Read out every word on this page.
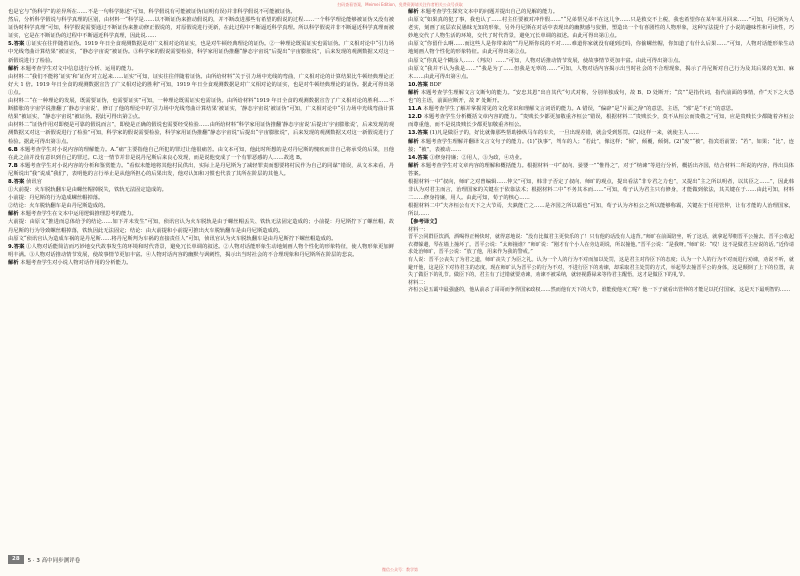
扫码查看答案，Meimei Edition，免费资源请关注作者相关公众号获取

也是它与“伪科学”的差异所在……不是一句科学陈述”可知，科学假说有可能被证伪(证明有误)并非科学假说不可能被证伪。

然后，分析科学假说与科学真理的区别，由材料一“科学是……以不断证伪来推动假说的，并不断改进那些有希望的假说的过程……一个科学理论能够被证伪又没有被证伪时科学真理”可知，科学假说需要通过不断证伪来推动修正假说的，对原假说进行更新，在此过程中不断逼近科学真理。所以科学假说并非不断逼近科学真理而被证实，它是在不断证伪的过程中不断逼近科学真理，因此说……

5.答案 ①证实在往伴随着证伪。1919 年日全食观测数据是对广义相对论的证实，也是对牛顿经典理论的证伪。②一种理论既需证实也需证伪。广义相对论中“引力场中光线弯曲计算结果”被证实，“静态宇宙说”被证伪。③科学家的假说需要检验，科学家用证伪推翻“静态宇宙说”后提出“宇宙膨胀说”，后来发现的观测数据又对这一新假说进行了检验。

解析 本题考查学生对文中信息进行分析、运用的能力。

由材料二“我们不能将‘证实’和‘证伪’对立起来……证实”可知，证实往往伴随着证伪。由所给材料“关于引力场中光线的弯曲，广义相对论的计算结果比牛顿经典理论正好大 1 倍。1919 年日全食的观测数据宣告了广义相对论的胜利”可知，1919 年日全食观测数据是对广义相对论的证实，也是对牛顿经典理论的证伪。据此可得出第①点。

由材料二“在一种理论的发展，既需要证伪，也需要证实”可知，一种理论既需证实也需证伪。由所给材料“1919 年日全食的观测数据宣告了广义相对论的胜利……不断膨胀的宇宙学说推翻了‘静态宇宙说’，修订了他的理论中的‘引力场中光线弯曲计算结果’被证实，‘静态宇宙说’被证伪”可知，广义相对论中“引力场中光线弯曲计算结果”被证实，“静态宇宙说”被证伪。据此可得出第②点。

由材料二“证伪作用对即便是可靠的假说而言”，即使是正确的假说也需要经受检验……由所给材料“科学家用证伪推翻‘静态宇宙说’后提出‘宇宙膨胀说’，后来发现的观测数据又对这一新假说进行了检验”可知，科学家的假说需要检验，科学家用证伪推翻“静态宇宙说”后提出“宇宙膨胀说”，后来发现的观测数据又对这一新假说进行了检验。据此可得出第③点。

6.B 本题考查学生对小说内容的理解能力。A.“痛”主要指他自己所犯的罪过让他很痛苦。由文本可知，他此时所想的是对丹尼斯的愧疚而非自己将承受的后果，且他在此之前并没有意识到自己的罪过。C.这一情节并非是说丹尼斯后来良心发现，而是说他变成了一个有罪恶感的人……故选 B。

7.B 本题考查学生对小说内容的分析和鉴赏能力。“看似未能地将其他村民供出，实际上是丹尼斯为了减轻罪责而想要将村民作为自己的同谋”错误，从文本来看，丹尼斯说出“我”说成“我们”，表明他的言行举止是从他所担心的后果出发，他对认知和习惯也代表了其所在阶层的其他人。

8.答案 侦讯官

①大前提：火车脱轨翻车是由螺丝帽掉脱失，铁轨无法固定造成的。

小前提：丹尼斯的行为造成螺丝帽掉落。

②结论：火车脱轨翻车是由丹尼斯造成的。

解析 本题考查学生在文本中运用逻辑推理思考的能力。

大前提：由原文“推进而总体给予的结论……如下并未发生”可知，侦讯官认为火车脱轨是由于螺丝帽丢失、铁轨无法固定造成的；小前提：丹尼斯拧下了螺丝帽，故丹尼斯的行为导致螺丝帽掉落，铁轨因此无法固定；结论：由大前提和小前提可推出火车脱轨翻车是由丹尼斯造成的。

由原文“侦讯官认为造成车祸的是丹尼斯……将丹尼斯判为车祸的直接责任人”可知，侦讯官认为火车脱轨翻车是由丹尼斯拧下螺丝帽造成的。

9.答案 ①人物对话能简洁而巧妙地交代故事发生的环境和时代背景，避免冗长单调的叙述。②人物对话能形象生动地刻画人物个性化的形象特征，使人物形象更加鲜明丰满。③人物对话推动情节发展，使故事情节更加丰富。④人物对话内容的幽默与讽刺性，揭示出当时社会的不合理现象和丹尼斯所在阶层的悲哀。

解析 本题考查学生对小说人物对话作用的分析能力。

解析 本题考查学生探究文本中的问题并提出自己的见解的能力。

由原文“如果真的犯了事，我也认了……村主任要被对冲作假……”“兄弟帮兄弟不在这儿争……只是救交不上税，我也希望你在某年某月回来……”可知，丹尼斯为人老实，刻画了底层农民愚昧无知的形象，另外丹尼斯在对话中表现出的幽默感与狡猾，塑造出一个有喜剧性的人物形象，这种写法提升了小说的趣味性和可读性，巧妙地交代了人物生活的环境，交代了时代背景，避免冗长单调的叙述。由此可得出第①点。

由原文“你留什么啊……而这些人是你带来的”“丹尼斯你说的不对……难道你家就没有碰到过吗，你偷螺丝帽，你知道了有什么后果……”可知，人物对话能形象生动地刻画人物个性化的形象特征。由此可得出第②点。

由原文“你真是个糊涂人……（判决）……”可知，人物对话推动情节发展，使故事情节更加丰富。由此可得出第③点。

由原文“我并不认为我是……”“我是为了……但我是无辜的……”可知，人物对话内容揭示出当时社会的不合理现象，揭示了丹尼斯对自己行为及其后果的无知、麻木……由此可得出第④点。

10.答案 BDF

解析 本题考查学生理解文言文断句的能力。“安忠其恩”出自其代“句式对称，分别单独成句，故 B、D 处断开；“宾”“是指代词，指代前面的事情，作“天下之大恐也”的主语，前面应断开，故 F 处断开。

11.A 本题考查学生了解并掌握常见的文化常识和理解文言词语的能力。A 错误，“偏辟”是“片面之辞”的意思，主语，“邪”是“不正”的意思。

12.D 本题考查学生分析概括文章内容的能力。“贵贱长少都更加敬重齐桓公”错误，根据材料二“贵贱长少，莫不从桓公而贵敬之”可知，应是贵贱长少都随着齐桓公而尊重他，而不是说贵贱长少都更加敬重齐桓公。

13.答案 (1)凡是做臣子的，好比就像那些帮助操纵马车的车夫，一旦出现差错，就会受到惩罚。(2)这样一来，就使主人……

解析 本题考查学生理解并翻译文言文句子的能力。(1)“执事”，驾车的人；“若此”，像这样；“倾”，倾覆，倾倒。(2)“废”“被”，指宾语前置；“若”，如果；“比”，连接；“被”，表被动……

14.答案 ①修身持廉；②用人，③为政，④功业。

解析 本题考查学生对文章内容的理解和概括能力。根据材料一中“叔向、晏婴一”“惟得之”，对于“纳谏”等进行分析，概括出齐国，结合材料二所说的内容，得出具体答案。

根据材料一中“叔向，师旷之对曾编辑……仲父”可知，韩非子否定了叔向、师旷的观点，提出看法“非专君之力也”，又提出“主之所以明者，以其臣之……”，因此韩非认为对君主而言，治理国家的关键在于依靠法术；根据材料二中“不务其本而……”可知，荀子认为君主只有修身，才能做到依法，其关键在于……由此可知，材料二……修身持廉，用人。由此可知，荀子的核心……

根据材料二中“夫齐桓公有天下之大节焉，夫孰能亡之……是齐国之所以霸也”可知，荀子认为齐桓公之所以能够称霸，关键在于任用管仲，让有才能的人治理国家，所以……

【参考译文】

材料一：

晋平公同群臣饮酒，酒喝得正畅快时，就得意地说：“没有比做君主更快乐的了！只有他的话没有人违背。”师旷在前面陪坐，听了这话，就拿起琴朝晋平公撞去。晋平公收起衣襟躲避，琴在墙上撞坏了。晋平公说：“太师撞谁？”师旷说：“刚才有个小人在旁边胡说，所以撞他。”晋平公说：“是我呀。”师旷说：“哎！这不是做君主应说的话。”近侍请求处治师旷，晋平公说：“放了他，用来作为我的警戒。”

有人说：晋平公丧失了为君之道，师旷丧失了为臣之礼。认为一个人的行为不对而加以处罚，这是君主对待臣下的态度；认为一个人的行为不对而进行劝谏，劝说不听，就避开他，这是臣下对待君主的态度。现在师旷认为晋平公的行为不对，不进行臣下的劝谏，却采取君主处罚的方式，举起琴去撞晋平公的身体，这是颠倒了上下的位置，丧失了做臣下的礼节。做臣下的，君主有了过错就要劝谏，劝谏不被采纳，就轻视爵禄来等待君主醒悟，这才是做臣下的礼节。

材料二：

齐桓公是五霸中最强盛的，他从前杀了哥哥而争得国家政权……然而他有天下的大节，谁能使他灭亡呢？他一下子就看出管仲的才能足以托付国家，这是天下最明智的……

28	5 · 3 高中同步测评卷
微信公众号：教学第
